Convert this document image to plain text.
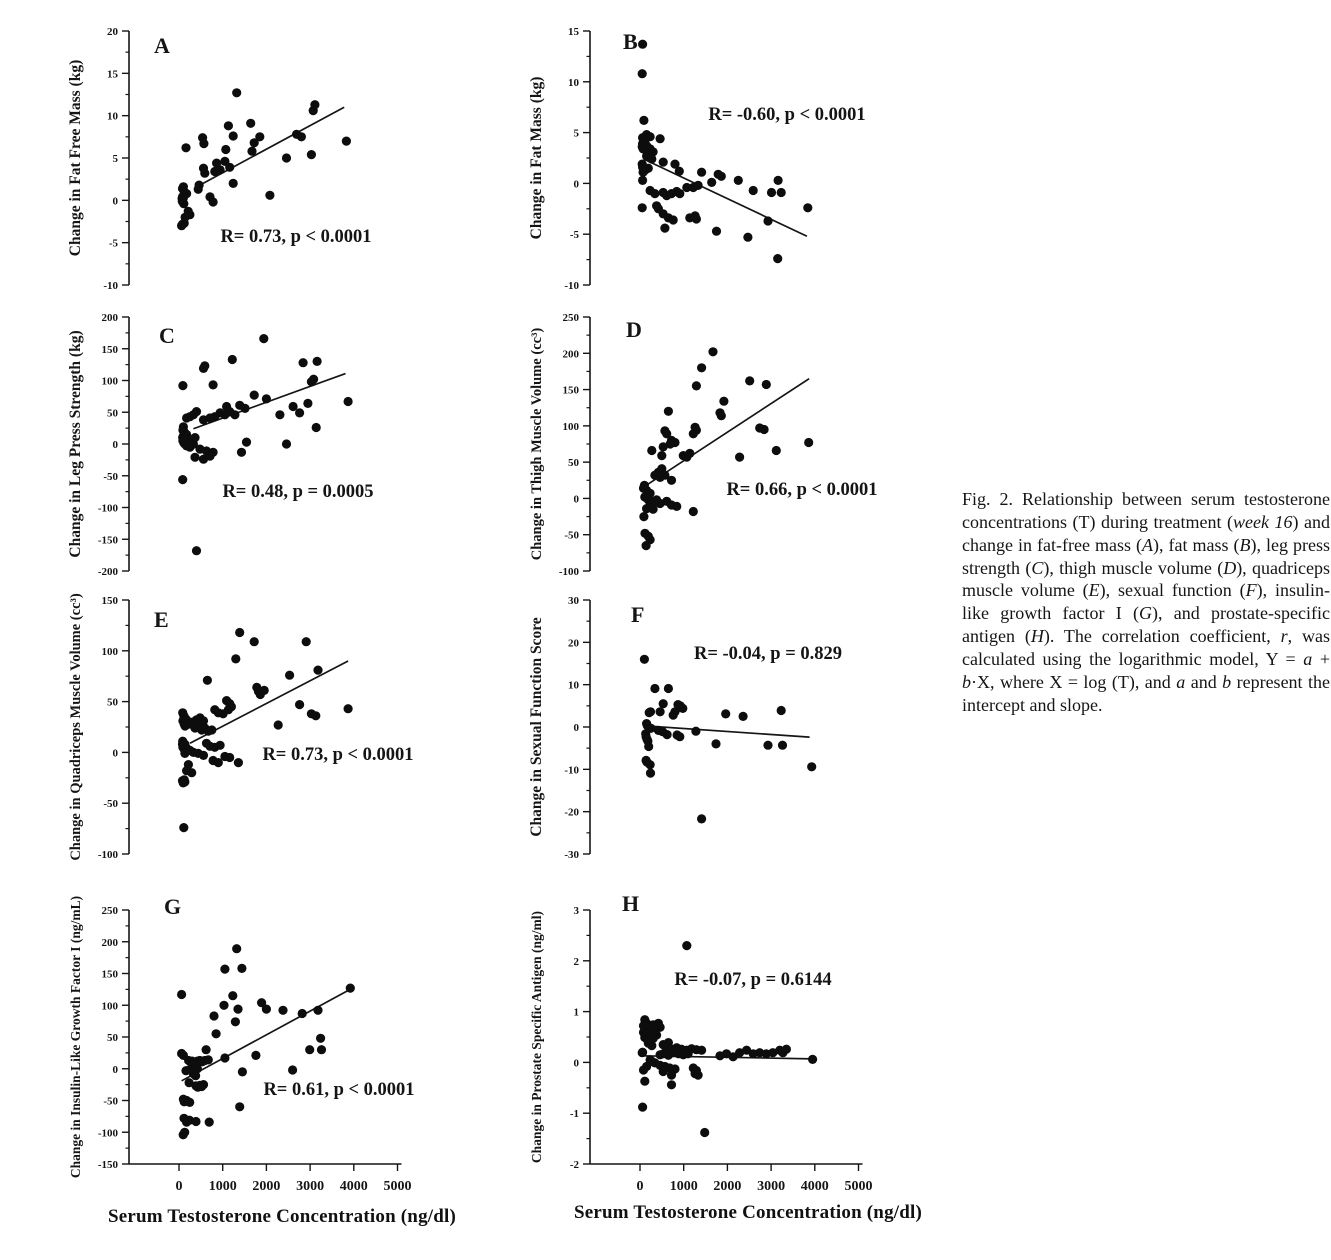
20
15
10
5
0
-5
-10
Change in Fat Free Mass (kg)
A
R= 0.73, p < 0.0001
15
10
5
0
-5
-10
Change in Fat Mass (kg)
B
R= -0.60, p < 0.0001
200
150
100
50
0
-50
-100
-150
-200
Change in Leg Press Strength (kg)	C
R= 0.48, p = 0.0005
250
200
150
100
50
0
-50
-100
Change in Thigh Muscle Volume (cc³)	D
R= 0.66, p < 0.0001
150
100
50
0
-50
-100
Change in Quadriceps Muscle Volume (cc³)	E
R= 0.73, p < 0.0001
30
20
10
0
-10
-20
-30
Change in Sexual Function Score
F
R= -0.04, p = 0.829
250
200
150
100
50
0
-50
-100
-150
Change in Insulin-Like Growth Factor I (ng/mL)	G
R= 0.61, p < 0.0001
0 1000 2000 3000 4000 5000
3
2
1
0
-1
-2
Change in Prostate Specific Antigen (ng/ml)
H
R= -0.07, p = 0.6144
0 1000 2000 3000 4000 5000
Serum Testosterone Concentration (ng/dl)	Serum Testosterone Concentration (ng/dl)

Fig. 2. Relationship between serum testosterone concentrations (T) during treatment (week 16) and change in fat-free mass (A), fat mass (B), leg press strength (C), thigh muscle volume (D), quadriceps muscle volume (E), sexual function (F), insulin-like growth factor I (G), and prostate-specific antigen (H). The correlation coefficient, r, was calculated using the logarithmic model, Y = a + b·X, where X = log (T), and a and b represent the intercept and slope.
